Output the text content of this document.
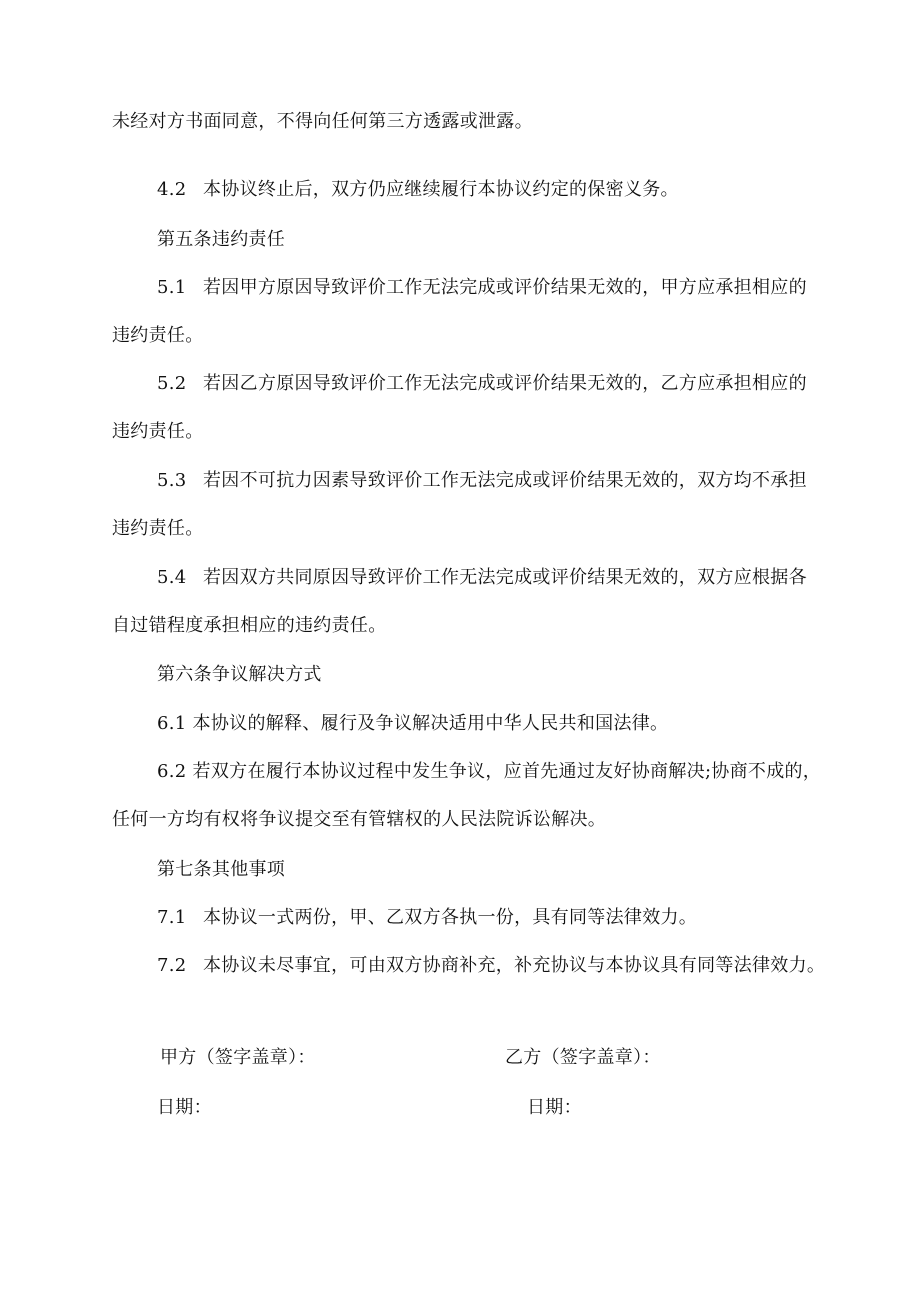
未经对方书面同意，不得向任何第三方透露或泄露。
4.2 本协议终止后，双方仍应继续履行本协议约定的保密义务。
第五条违约责任
5.1 若因甲方原因导致评价工作无法完成或评价结果无效的，甲方应承担相应的
违约责任。
5.2 若因乙方原因导致评价工作无法完成或评价结果无效的，乙方应承担相应的
违约责任。
5.3 若因不可抗力因素导致评价工作无法完成或评价结果无效的，双方均不承担
违约责任。
5.4 若因双方共同原因导致评价工作无法完成或评价结果无效的，双方应根据各
自过错程度承担相应的违约责任。
第六条争议解决方式
6.1 本协议的解释、履行及争议解决适用中华人民共和国法律。
6.2 若双方在履行本协议过程中发生争议，应首先通过友好协商解决;协商不成的，
任何一方均有权将争议提交至有管辖权的人民法院诉讼解决。
第七条其他事项
7.1 本协议一式两份，甲、乙双方各执一份，具有同等法律效力。
7.2 本协议未尽事宜，可由双方协商补充，补充协议与本协议具有同等法律效力。
甲方（签字盖章）：	乙方（签字盖章）：
日期：	日期：
